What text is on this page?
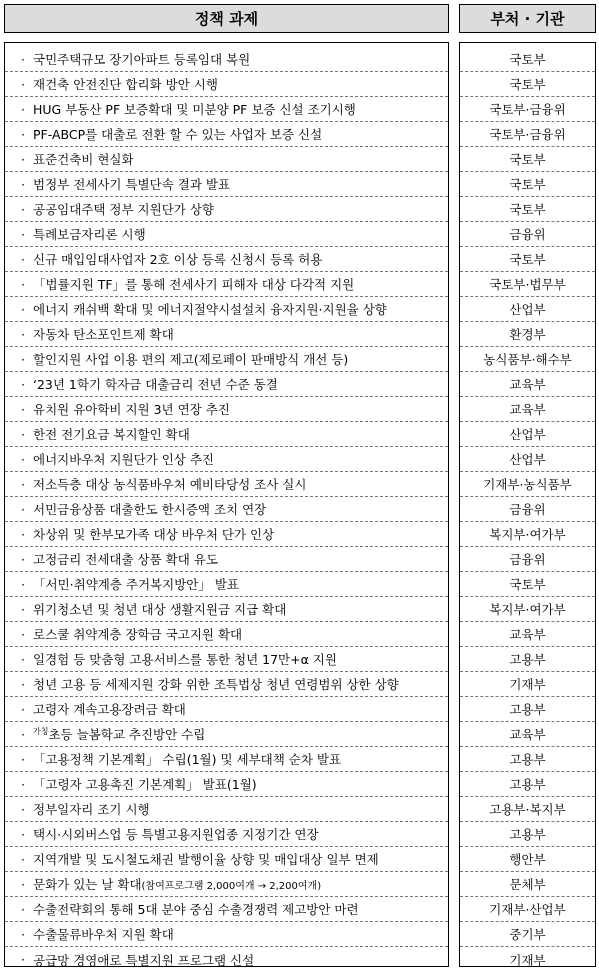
정책 과제	부처 · 기관
· 국민주택규모 장기아파트 등록임대 복원
· 재건축 안전진단 합리화 방안 시행
· HUG 부동산 PF 보증확대 및 미분양 PF 보증 신설 조기시행
· PF-ABCP를 대출로 전환 할 수 있는 사업자 보증 신설
· 표준건축비 현실화
· 범정부 전세사기 특별단속 결과 발표
· 공공임대주택 정부 지원단가 상향
· 특례보금자리론 시행
· 신규 매입임대사업자 2호 이상 등록 신청시 등록 허용
· 「법률지원 TF」를 통해 전세사기 피해자 대상 다각적 지원
· 에너지 캐쉬백 확대 및 에너지절약시설설치 융자지원·지원율 상향
· 자동차 탄소포인트제 확대
· 할인지원 사업 이용 편의 제고(제로페이 판매방식 개선 등)
· ‘23년 1학기 학자금 대출금리 전년 수준 동결
· 유치원 유아학비 지원 3년 연장 추진
· 한전 전기요금 복지할인 확대
· 에너지바우처 지원단가 인상 추진
· 저소득층 대상 농식품바우처 예비타당성 조사 실시
· 서민금융상품 대출한도 한시증액 조치 연장
· 차상위 및 한부모가족 대상 바우처 단가 인상
· 고정금리 전세대출 상품 확대 유도
· 「서민·취약계층 주거복지방안」 발표
· 위기청소년 및 청년 대상 생활지원금 지급 확대
· 로스쿨 취약계층 장학금 국고지원 확대
· 일경험 등 맞춤형 고용서비스를 통한 청년 17만+α 지원
· 청년 고용 등 세제지원 강화 위한 조특법상 청년 연령범위 상한 상향
· 고령자 계속고용장려금 확대
·	$^{가칭}$초등 늘봄학교 추진방안 수립
· 「고용정책 기본계획」 수립(1월) 및 세부대책 순차 발표
· 「고령자 고용촉진 기본계획」 발표(1월)
· 정부일자리 조기 시행
· 택시·시외버스업 등 특별고용지원업종 지정기간 연장
· 지역개발 및 도시철도채권 발행이율 상향 및 매입대상 일부 면제
· 문화가 있는 날 확대(참여프로그램 2,000여개 → 2,200여개)
· 수출전략회의 통해 5대 분야 중심 수출경쟁력 제고방안 마련
· 수출물류바우처 지원 확대
· 공급망 경영애로 특별지원 프로그램 신설
국토부
국토부
국토부·금융위
국토부·금융위
국토부
국토부
국토부
금융위
국토부
국토부·법무부
산업부
환경부
농식품부·해수부
교육부
교육부
산업부
산업부
기재부·농식품부
금융위
복지부·여가부
금융위
국토부
복지부·여가부
교육부
고용부
기재부
고용부
교육부
고용부
고용부
고용부·복지부
고용부
행안부
문체부
기재부·산업부
중기부
기재부
